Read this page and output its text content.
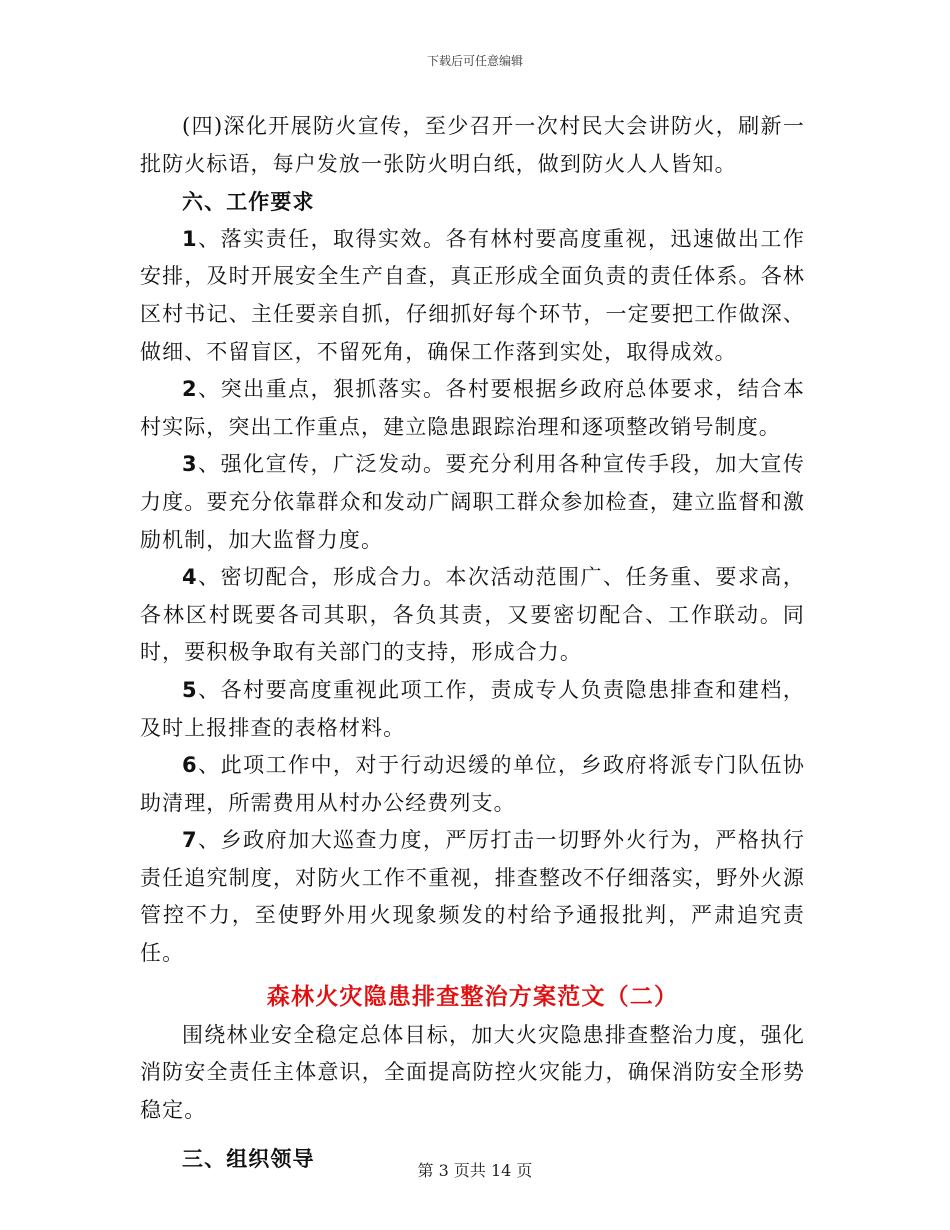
下载后可任意编辑

(四)深化开展防火宣传，至少召开一次村民大会讲防火，刷新一批防火标语，每户发放一张防火明白纸，做到防火人人皆知。

六、工作要求

1、落实责任，取得实效。各有林村要高度重视，迅速做出工作安排，及时开展安全生产自查，真正形成全面负责的责任体系。各林区村书记、主任要亲自抓，仔细抓好每个环节，一定要把工作做深、做细、不留盲区，不留死角，确保工作落到实处，取得成效。

2、突出重点，狠抓落实。各村要根据乡政府总体要求，结合本村实际，突出工作重点，建立隐患跟踪治理和逐项整改销号制度。

3、强化宣传，广泛发动。要充分利用各种宣传手段，加大宣传力度。要充分依靠群众和发动广阔职工群众参加检查，建立监督和激励机制，加大监督力度。

4、密切配合，形成合力。本次活动范围广、任务重、要求高，各林区村既要各司其职，各负其责，又要密切配合、工作联动。同时，要积极争取有关部门的支持，形成合力。

5、各村要高度重视此项工作，责成专人负责隐患排查和建档，及时上报排查的表格材料。

6、此项工作中，对于行动迟缓的单位，乡政府将派专门队伍协助清理，所需费用从村办公经费列支。

7、乡政府加大巡查力度，严厉打击一切野外火行为，严格执行责任追究制度，对防火工作不重视，排查整改不仔细落实，野外火源管控不力，至使野外用火现象频发的村给予通报批判，严肃追究责任。

森林火灾隐患排查整治方案范文（二）

围绕林业安全稳定总体目标，加大火灾隐患排查整治力度，强化消防安全责任主体意识，全面提高防控火灾能力，确保消防安全形势稳定。

三、组织领导	第 3 页共 14 页
